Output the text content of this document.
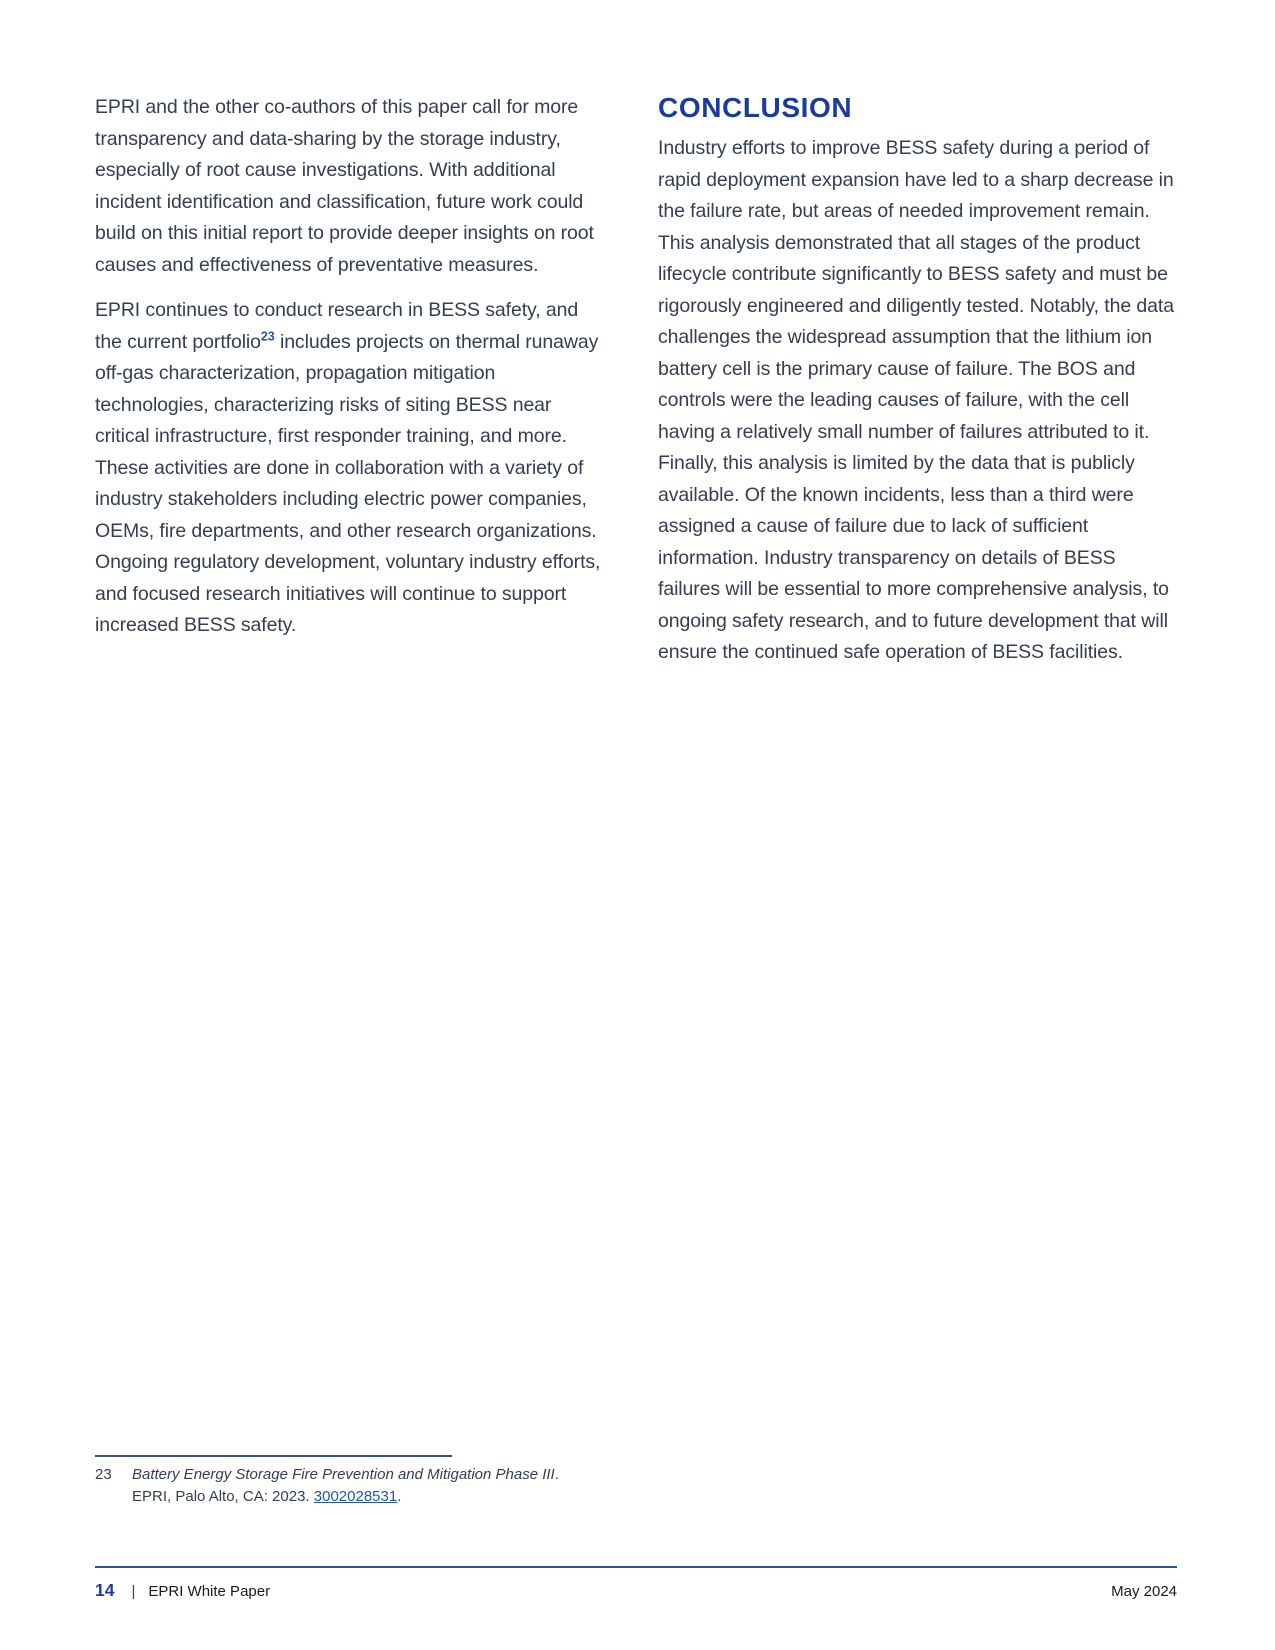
EPRI and the other co-authors of this paper call for more transparency and data-sharing by the storage industry, especially of root cause investigations. With additional incident identification and classification, future work could build on this initial report to provide deeper insights on root causes and effectiveness of preventative measures.

EPRI continues to conduct research in BESS safety, and the current portfolio$^{23}$ includes projects on thermal runaway off-gas characterization, propagation mitigation technologies, characterizing risks of siting BESS near critical infrastructure, first responder training, and more. These activities are done in collaboration with a variety of industry stakeholders including electric power companies, OEMs, fire departments, and other research organizations. Ongoing regulatory development, voluntary industry efforts, and focused research initiatives will continue to support increased BESS safety.

CONCLUSION

Industry efforts to improve BESS safety during a period of rapid deployment expansion have led to a sharp decrease in the failure rate, but areas of needed improvement remain. This analysis demonstrated that all stages of the product lifecycle contribute significantly to BESS safety and must be rigorously engineered and diligently tested. Notably, the data challenges the widespread assumption that the lithium ion battery cell is the primary cause of failure. The BOS and controls were the leading causes of failure, with the cell having a relatively small number of failures attributed to it. Finally, this analysis is limited by the data that is publicly available. Of the known incidents, less than a third were assigned a cause of failure due to lack of sufficient information. Industry transparency on details of BESS failures will be essential to more comprehensive analysis, to ongoing safety research, and to future development that will ensure the continued safe operation of BESS facilities.

23	Battery Energy Storage Fire Prevention and Mitigation Phase III. EPRI, Palo Alto, CA: 2023. 3002028531.
14 | EPRI White Paper	May 2024
